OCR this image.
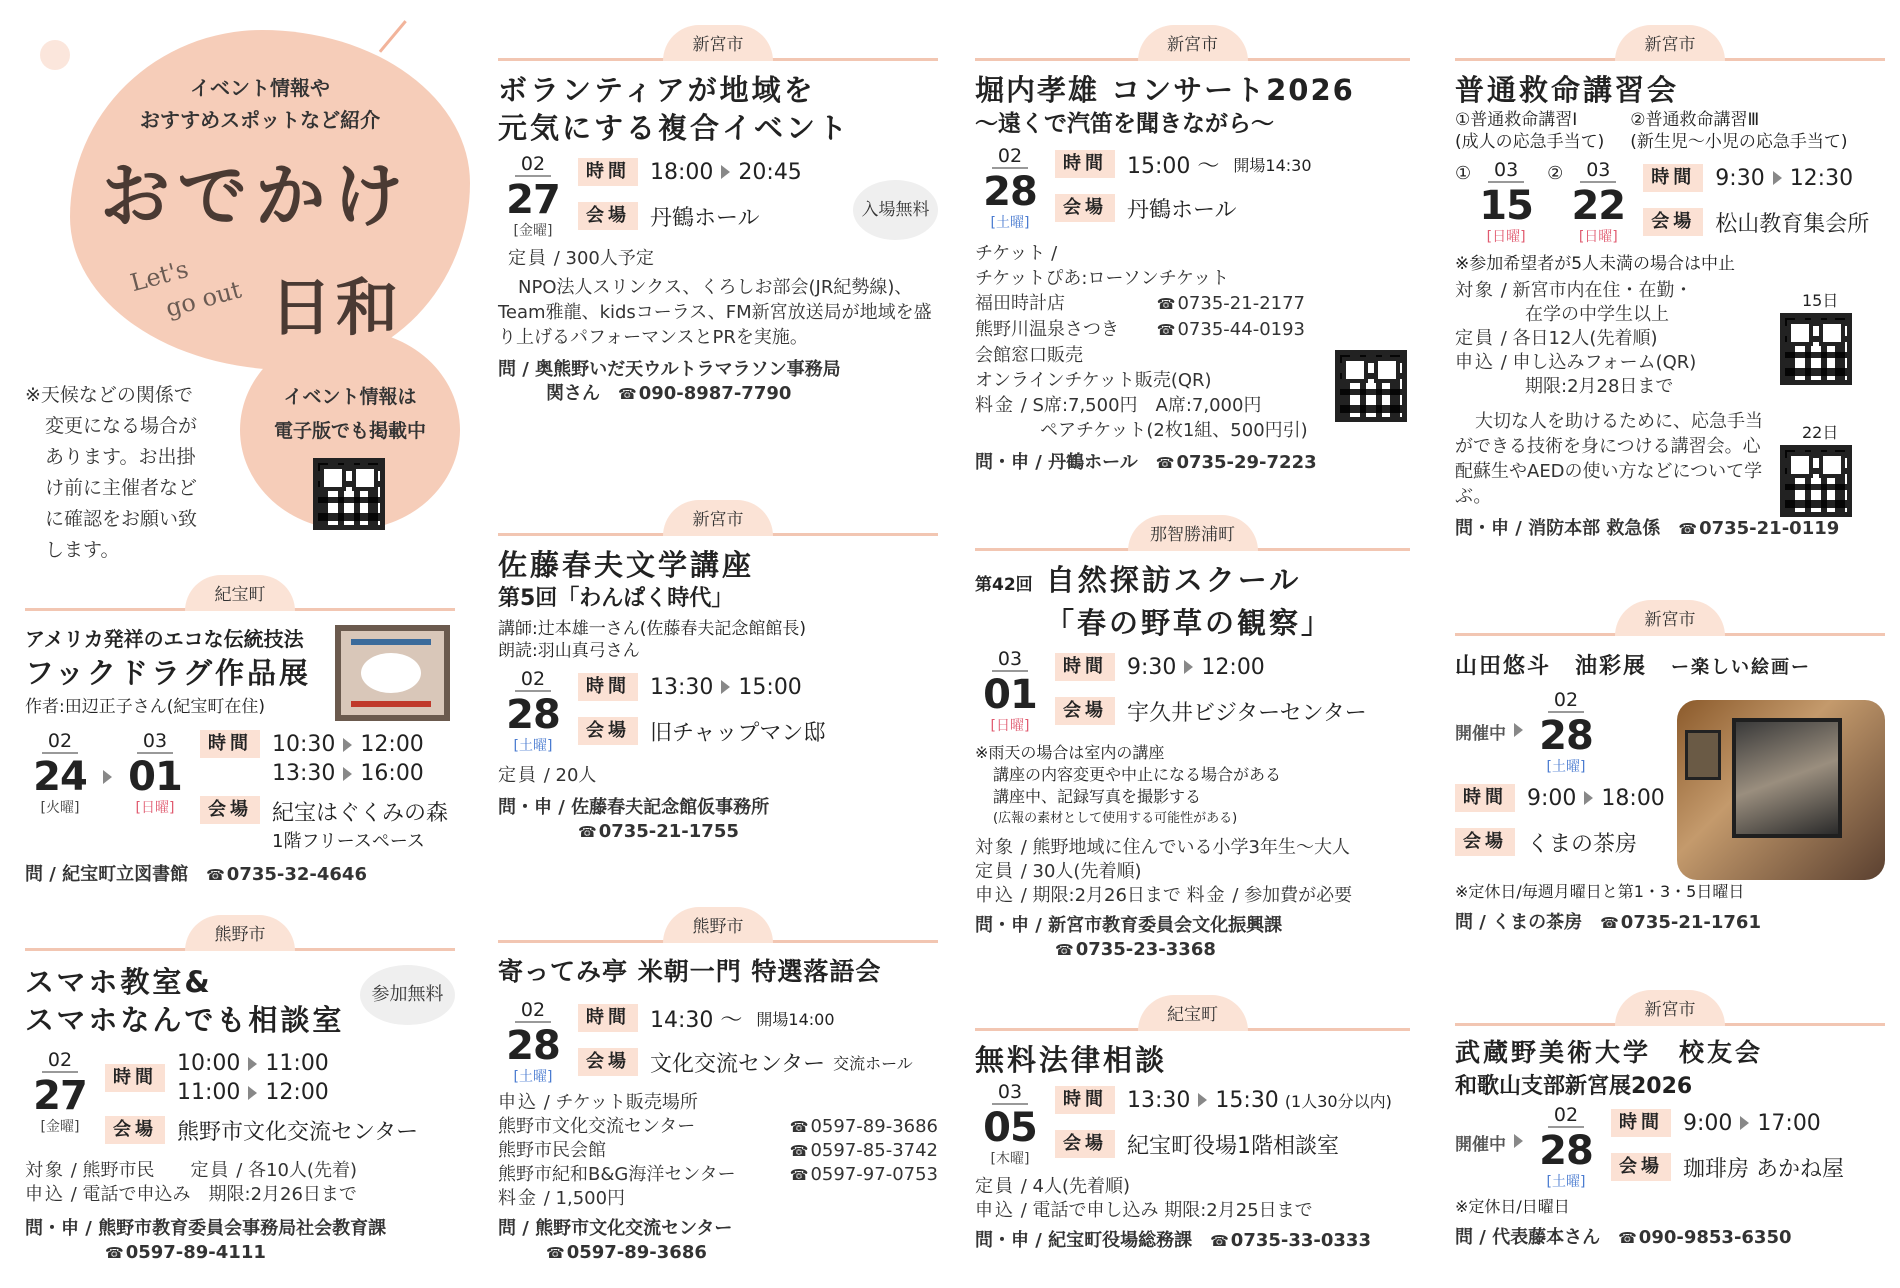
イベント情報や
おすすめスポットなど紹介
おでかけ
Let's
go out 日和
※天候などの関係で
変更になる場合が
あります。お出掛
け前に主催者など
に確認をお願い致
します。
イベント情報は
電子版でも掲載中
紀宝町
アメリカ発祥のエコな伝統技法
フックドラグ作品展
作者:田辺正子さん(紀宝町在住)
02
24
[火曜]
03
01
[日曜]
時間 10:30 12:00
13:30 16:00
会場 紀宝はぐくみの森
1階フリースペース
問 / 紀宝町立図書館　 ☎ 0735-32-4646
熊野市
スマホ教室&
スマホなんでも相談室
参加無料
02
27
[金曜]
時間
10:00 11:00
11:00 12:00
会場 熊野市文化交流センター
対象 / 熊野市民　　 定員 / 各10人(先着)
申込 / 電話で申込み　期限:2月26日まで
問・申 / 熊野市教育委員会事務局社会教育課
☎ 0597-89-4111
新宮市
ボランティアが地域を
元気にする複合イベント
入場無料
02
27
[金曜]
時間 18:00 20:45
会場 丹鶴ホール
定員 / 300人予定
NPO法人スリンクス、くろしお部会(JR紀勢線)、Team雅龍、kidsコーラス、FM新宮放送局が地域を盛り上げるパフォーマンスとPRを実施。
問 / 奥熊野いだ天ウルトラマラソン事務局
関さん　 ☎ 090-8987-7790
新宮市
佐藤春夫文学講座
第5回「わんぱく時代」
講師:辻本雄一さん(佐藤春夫記念館館長)
朗読:羽山真弓さん
02
28
[土曜]
時間 13:30 15:00
会場 旧チャップマン邸
定員 / 20人
問・申 / 佐藤春夫記念館仮事務所
☎ 0735-21-1755
熊野市
寄ってみ亭 米朝一門 特選落語会
02
28
[土曜]
時間 14:30 〜 開場14:00
会場 文化交流センター 交流ホール
申込 / チケット販売場所
熊野市文化交流センター	☎ 0597-89-3686
熊野市民会館	☎ 0597-85-3742
熊野市紀和B&G海洋センター	☎ 0597-97-0753
料金 / 1,500円
問 / 熊野市文化交流センター
☎ 0597-89-3686
新宮市
堀内孝雄 コンサート2026
〜遠くで汽笛を聞きながら〜
02
28
[土曜]
時間 15:00 〜 開場14:30
会場 丹鶴ホール
チケット /
チケットぴあ:ローソンチケット
福田時計店	☎ 0735-21-2177
熊野川温泉さつき	☎ 0735-44-0193
会館窓口販売
オンラインチケット販売(QR)
料金 / S席:7,500円　A席:7,000円
ペアチケット(2枚1組、500円引)
問・申 / 丹鶴ホール　 ☎ 0735-29-7223
那智勝浦町
第42回 自然探訪スクール
「春の野草の観察」
03
01
[日曜]
時間 9:30 12:00
会場 宇久井ビジターセンター
※雨天の場合は室内の講座
講座の内容変更や中止になる場合がある
講座中、記録写真を撮影する
(広報の素材として使用する可能性がある)
対象 / 熊野地域に住んでいる小学3年生〜大人
定員 / 30人(先着順)
申込 / 期限:2月26日まで 料金 / 参加費が必要
問・申 / 新宮市教育委員会文化振興課
☎ 0735-23-3368
紀宝町
無料法律相談
03
05
[木曜]
時間 13:30 15:30 (1人30分以内)
会場 紀宝町役場1階相談室
定員 / 4人(先着順)
申込 / 電話で申し込み 期限:2月25日まで
問・申 / 紀宝町役場総務課　 ☎ 0735-33-0333
新宮市
普通救命講習会
①普通救命講習Ⅰ
(成人の応急手当て)
②普通救命講習Ⅲ
(新生児〜小児の応急手当て)
①	03
15
[日曜]
②	03
22
[日曜]
時間 9:30 12:30
会場 松山教育集会所
※参加希望者が5人未満の場合は中止
対象 / 新宮市内在住・在勤・
在学の中学生以上
定員 / 各日12人(先着順)
申込 / 申し込みフォーム(QR)
期限:2月28日まで
15日
22日
大切な人を助けるために、応急手当ができる技術を身につける講習会。心配蘇生やAEDの使い方などについて学ぶ。
問・申 / 消防本部 救急係　 ☎ 0735-21-0119
新宮市
山田悠斗　油彩展　 ー楽しい絵画ー
開催中
02
28
[土曜]
時間 9:00 18:00
会場 くまの茶房
※定休日/毎週月曜日と第1・3・5日曜日
問 / くまの茶房　 ☎ 0735-21-1761
新宮市
武蔵野美術大学　校友会
和歌山支部新宮展2026
開催中
02
28
[土曜]
時間 9:00 17:00
会場 珈琲房 あかね屋
※定休日/日曜日
問 / 代表藤本さん　 ☎ 090-9853-6350
